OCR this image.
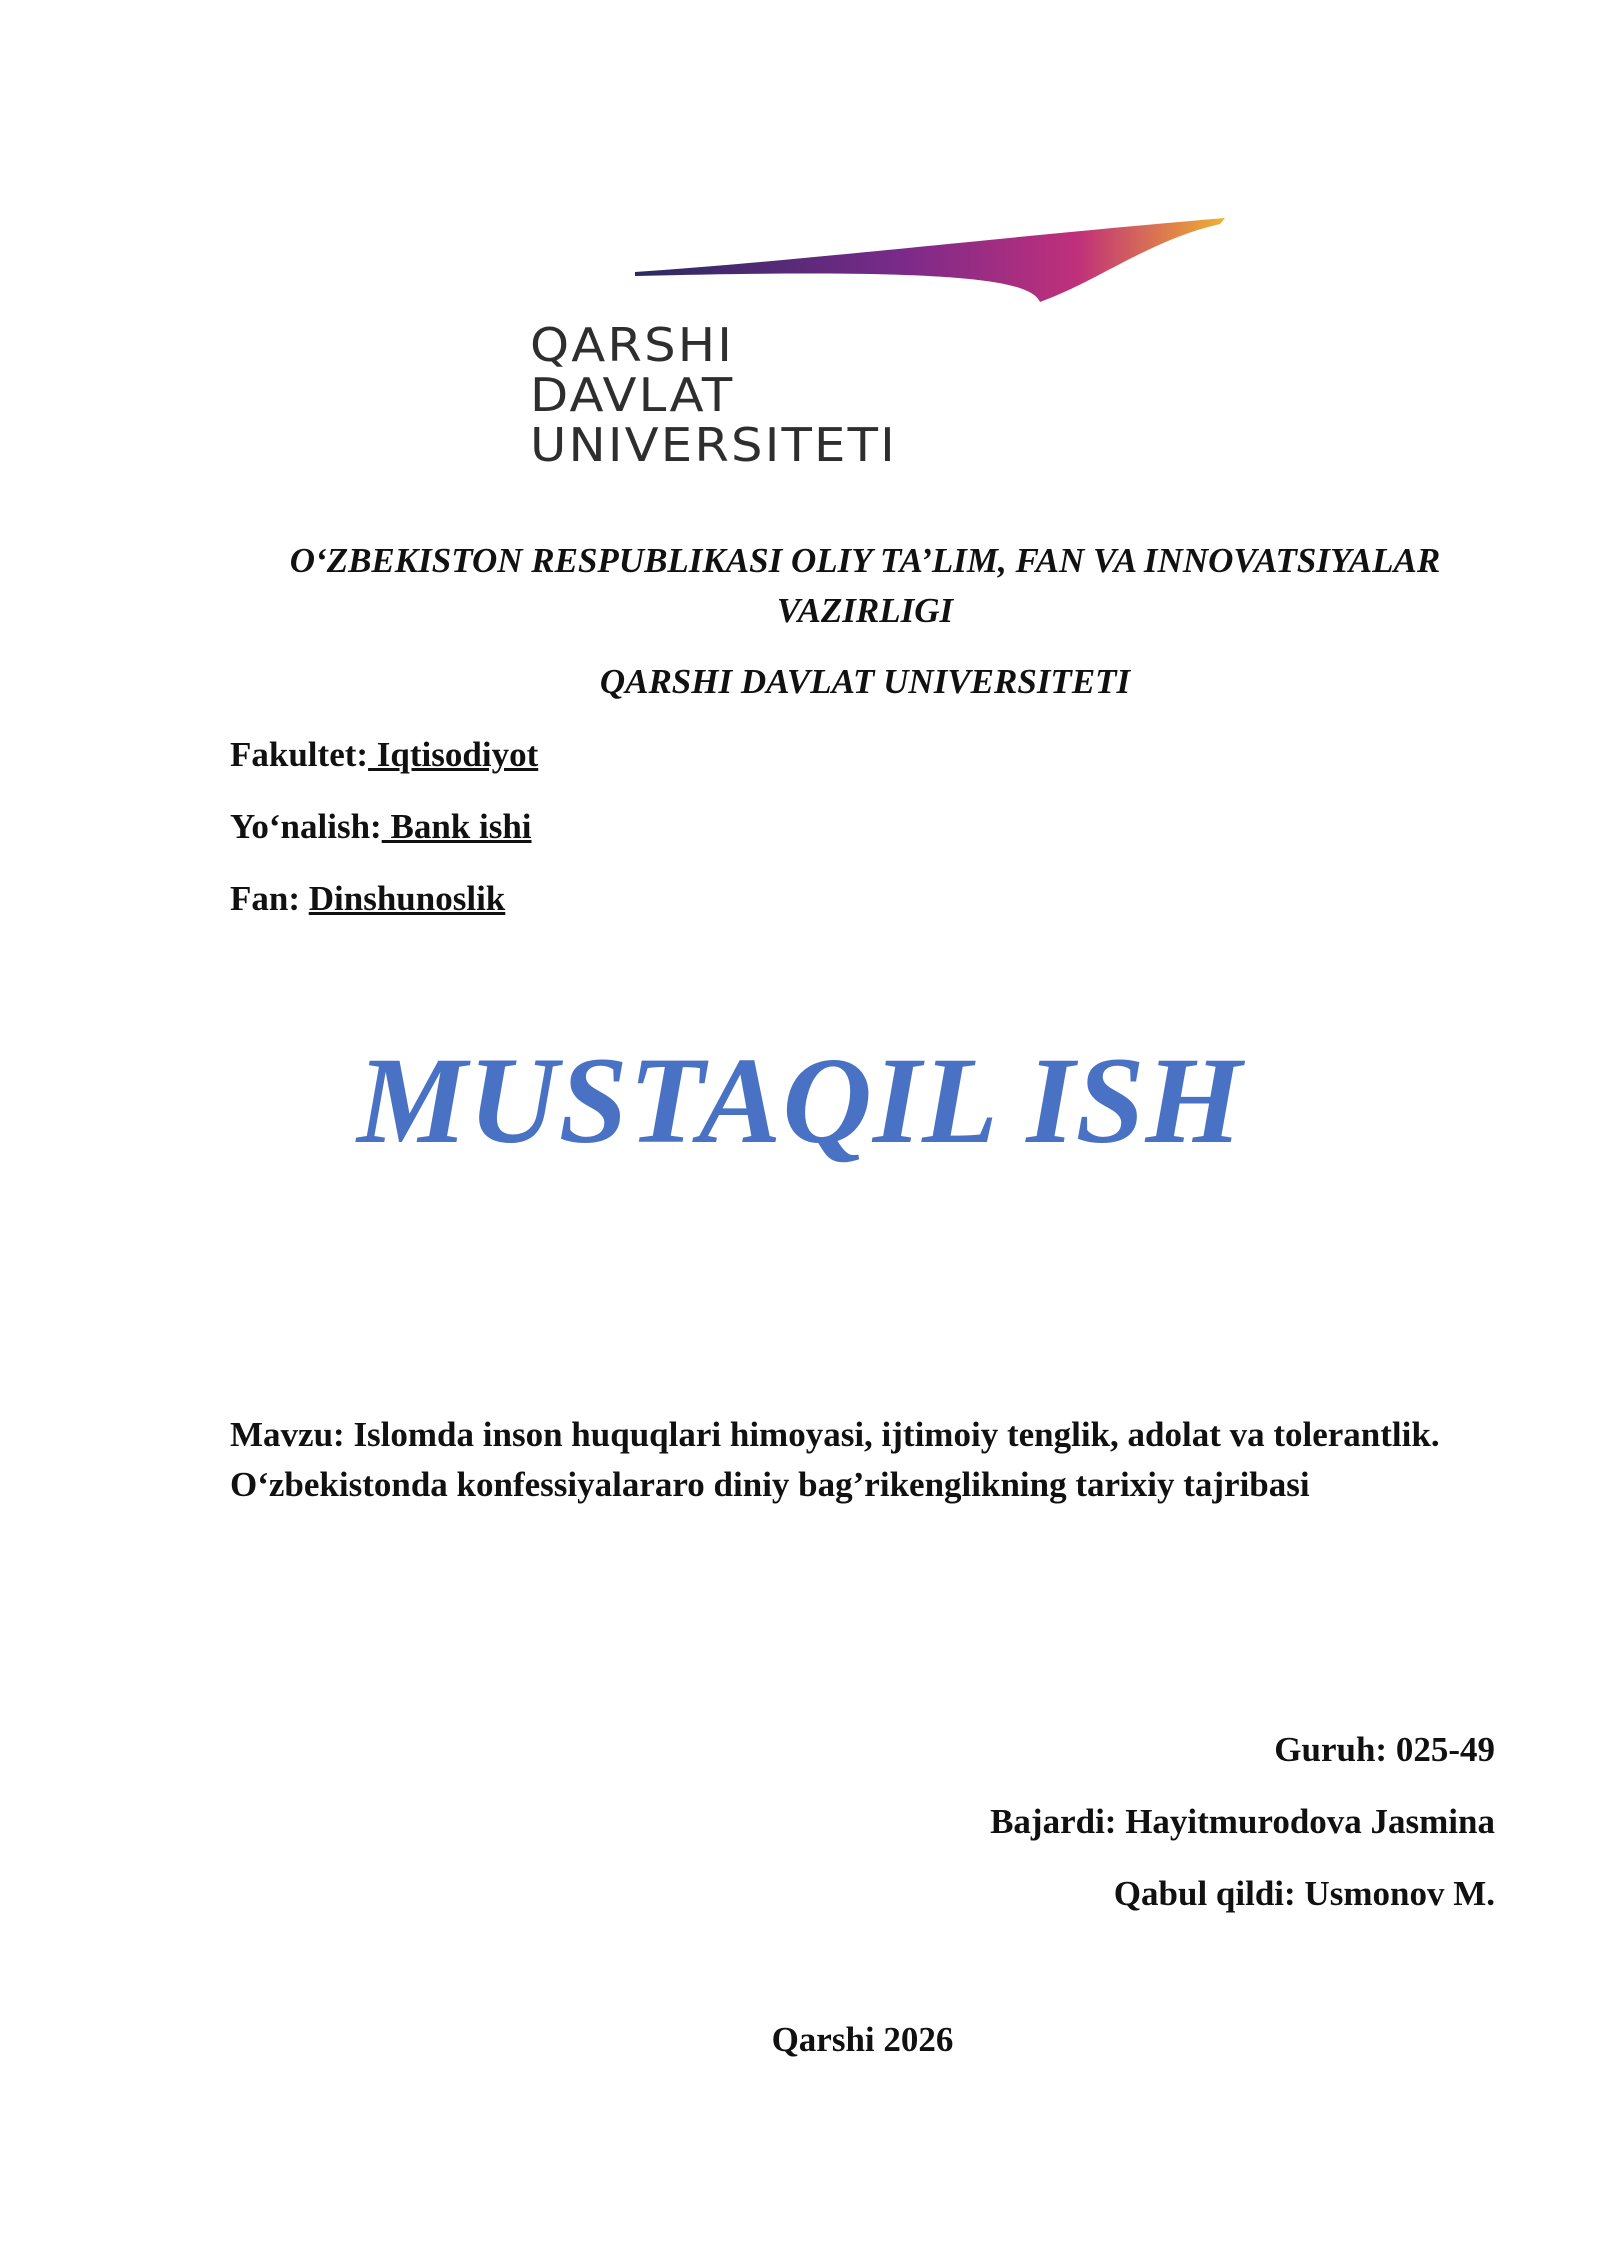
QARSHI
DAVLAT
UNIVERSITETI
O‘ZBEKISTON RESPUBLIKASI OLIY TA’LIM, FAN VA INNOVATSIYALAR VAZIRLIGI
QARSHI DAVLAT UNIVERSITETI
Fakultet: Iqtisodiyot
Yo‘nalish: Bank ishi
Fan: Dinshunoslik
MUSTAQIL ISH
Mavzu: Islomda inson huquqlari himoyasi, ijtimoiy tenglik, adolat va tolerantlik. O‘zbekistonda konfessiyalararo diniy bag’rikenglikning tarixiy tajribasi
Guruh: 025-49
Bajardi: Hayitmurodova Jasmina
Qabul qildi: Usmonov M.
Qarshi 2026
